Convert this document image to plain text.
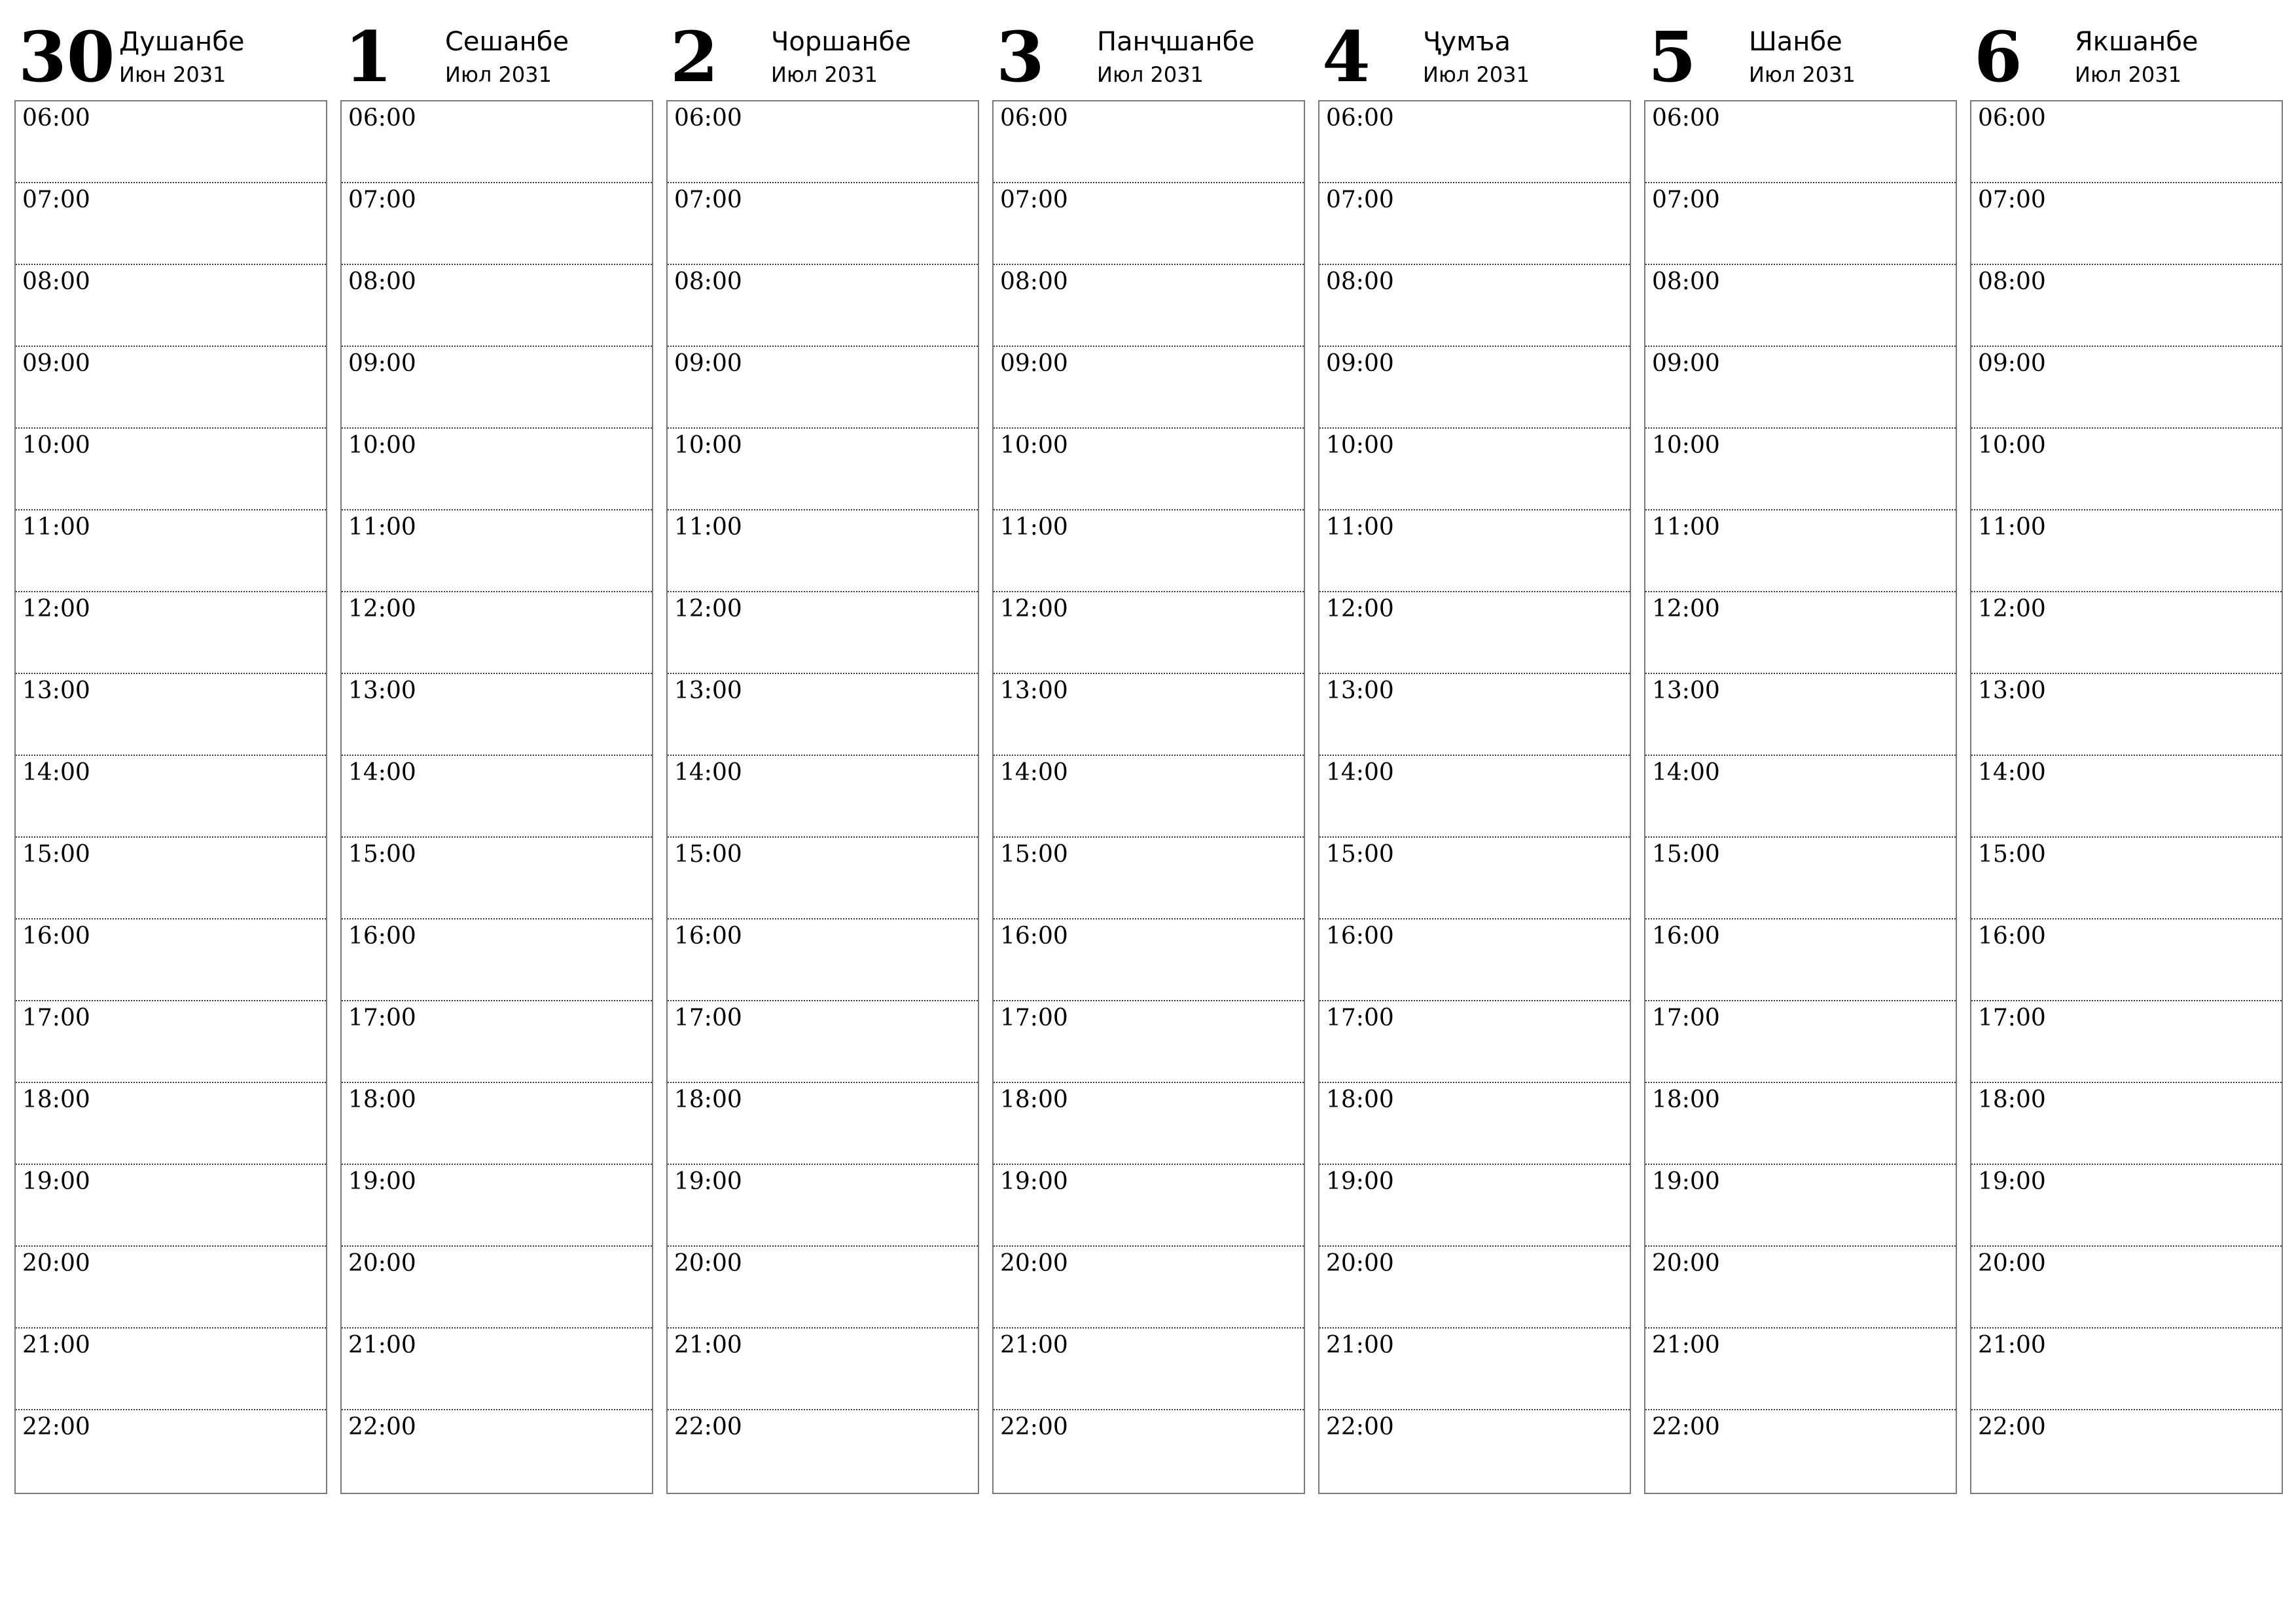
30 Душанбе
Июн 2031
06:00
07:00
08:00
09:00
10:00
11:00
12:00
13:00
14:00
15:00
16:00
17:00
18:00
19:00
20:00
21:00
22:00
1 Сешанбе
Июл 2031
06:00
07:00
08:00
09:00
10:00
11:00
12:00
13:00
14:00
15:00
16:00
17:00
18:00
19:00
20:00
21:00
22:00
2 Чоршанбе
Июл 2031
06:00
07:00
08:00
09:00
10:00
11:00
12:00
13:00
14:00
15:00
16:00
17:00
18:00
19:00
20:00
21:00
22:00
3 Панҷшанбе
Июл 2031
06:00
07:00
08:00
09:00
10:00
11:00
12:00
13:00
14:00
15:00
16:00
17:00
18:00
19:00
20:00
21:00
22:00
4 Ҷумъа
Июл 2031
06:00
07:00
08:00
09:00
10:00
11:00
12:00
13:00
14:00
15:00
16:00
17:00
18:00
19:00
20:00
21:00
22:00
5 Шанбе
Июл 2031
06:00
07:00
08:00
09:00
10:00
11:00
12:00
13:00
14:00
15:00
16:00
17:00
18:00
19:00
20:00
21:00
22:00
6 Якшанбе
Июл 2031
06:00
07:00
08:00
09:00
10:00
11:00
12:00
13:00
14:00
15:00
16:00
17:00
18:00
19:00
20:00
21:00
22:00
